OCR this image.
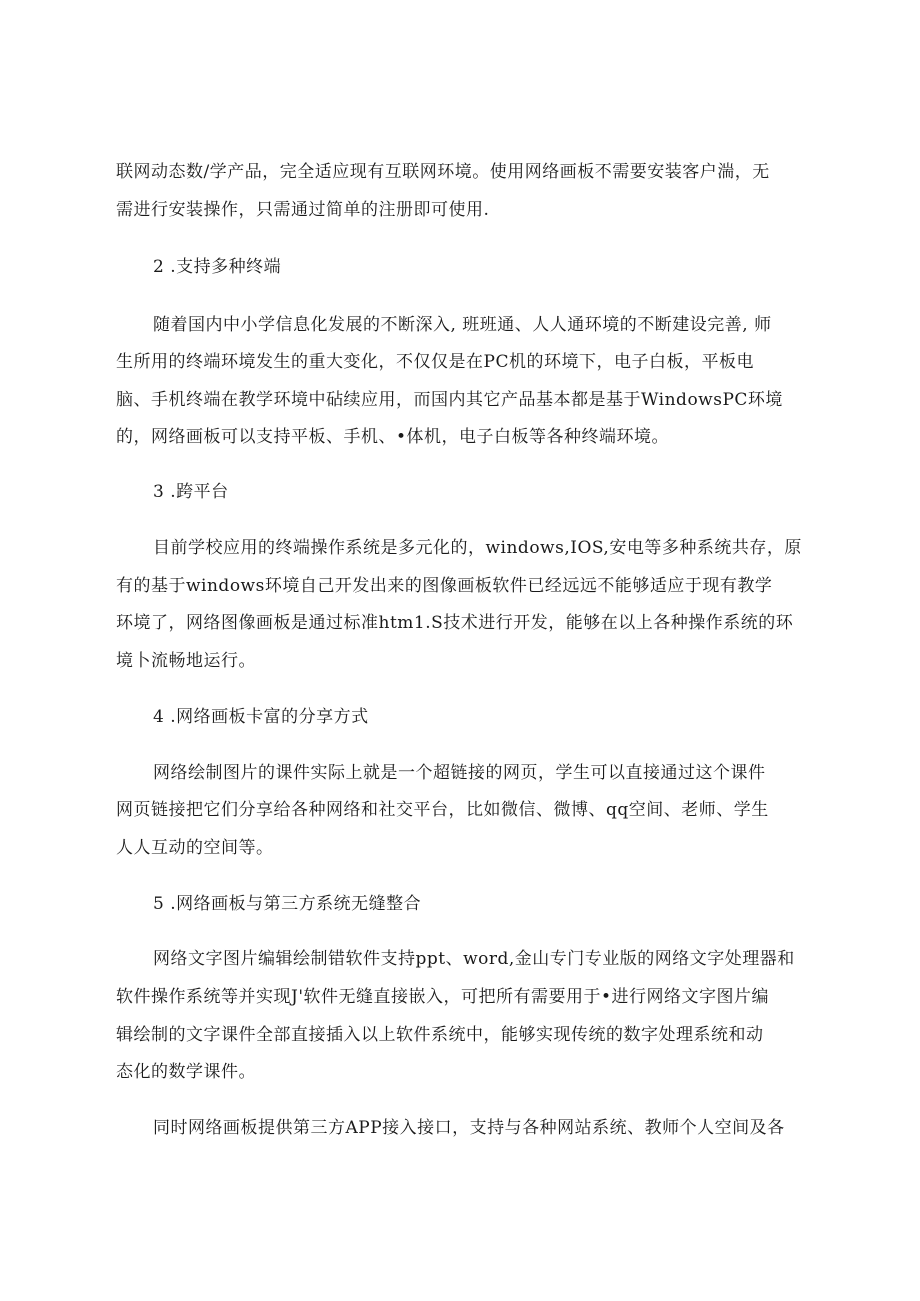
联网动态数/学产品，完全适应现有互联网环境。使用网络画板不需要安装客户湍，无
需进行安装操作，只需通过简单的注册即可使用.
2 .支持多种终端
随着国内中小学信息化发展的不断深入, 班班通、人人通环境的不断建设完善, 师
生所用的终端环境发生的重大变化，不仅仅是在PC机的环境下，电子白板，平板电
脑、手机终端在教学环境中砧续应用，而国内其它产品基本都是基于WindowsPC环境
的，网络画板可以支持平板、手机、•体机，电子白板等各种终端环境。
3 .跨平台
目前学校应用的终端操作系统是多元化的，windows,IOS,安电等多种系统共存，原
有的基于windows环境自己开发出来的图像画板软件已经远远不能够适应于现有教学
环境了，网络图像画板是通过标准htm1.S技术进行开发，能够在以上各种操作系统的环
境卜流畅地运行。
4 .网络画板卡富的分享方式
网络绘制图片的课件实际上就是一个超链接的网页，学生可以直接通过这个课件
网页链接把它们分享给各种网络和社交平台，比如微信、微博、qq空间、老师、学生
人人互动的空间等。
5 .网络画板与第三方系统无缝整合
网络文字图片编辑绘制错软件支持ppt、word,金山专门专业版的网络文字处理器和
软件操作系统等并实现J'软件无缝直接嵌入，可把所有需要用于•进行网络文字图片编
辑绘制的文字课件全部直接插入以上软件系统中，能够实现传统的数字处理系统和动
态化的数学课件。
同时网络画板提供第三方APP接入接口，支持与各种网站系统、教师个人空间及各
